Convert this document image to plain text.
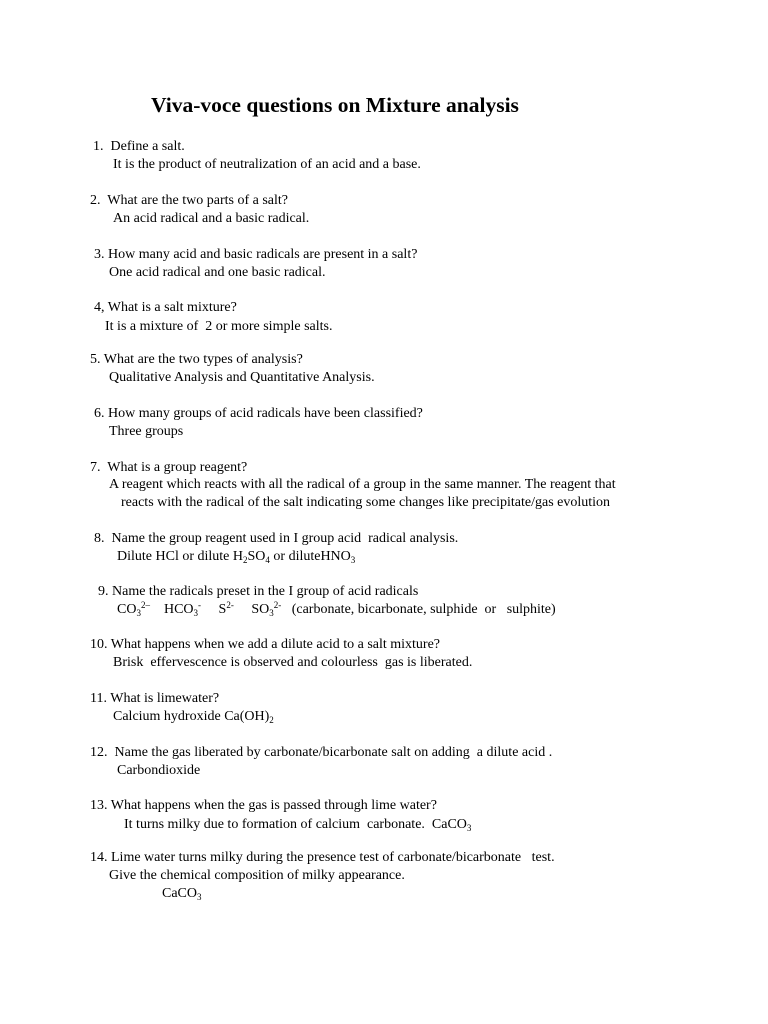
Viva-voce questions on Mixture analysis

1.  Define a salt.

It is the product of neutralization of an acid and a base.

2.  What are the two parts of a salt?

An acid radical and a basic radical.

3. How many acid and basic radicals are present in a salt?

One acid radical and one basic radical.

4, What is a salt mixture?

It is a mixture of  2 or more simple salts.

5. What are the two types of analysis?

Qualitative Analysis and Quantitative Analysis.

6. How many groups of acid radicals have been classified?

Three groups

7.  What is a group reagent?

A reagent which reacts with all the radical of a group in the same manner. The reagent that

reacts with the radical of the salt indicating some changes like precipitate/gas evolution

8.  Name the group reagent used in I group acid  radical analysis.

Dilute HCl or dilute $H_2SO_4$ or diluteHNO$_3$

9. Name the radicals preset in the I group of acid radicals

$CO_3^{2-}$ $HCO_3^-$ $S^{2-}$ $SO_3^{2-}$ (carbonate, bicarbonate, sulphide  or   sulphite)

10. What happens when we add a dilute acid to a salt mixture?

Brisk  effervescence is observed and colourless  gas is liberated.

11. What is limewater?

Calcium hydroxide $Ca(OH)_2$

12.  Name the gas liberated by carbonate/bicarbonate salt on adding  a dilute acid .

Carbondioxide

13. What happens when the gas is passed through lime water?

It turns milky due to formation of calcium  carbonate.  CaCO$_3$

14. Lime water turns milky during the presence test of carbonate/bicarbonate   test.

Give the chemical composition of milky appearance.

CaCO$_3$
